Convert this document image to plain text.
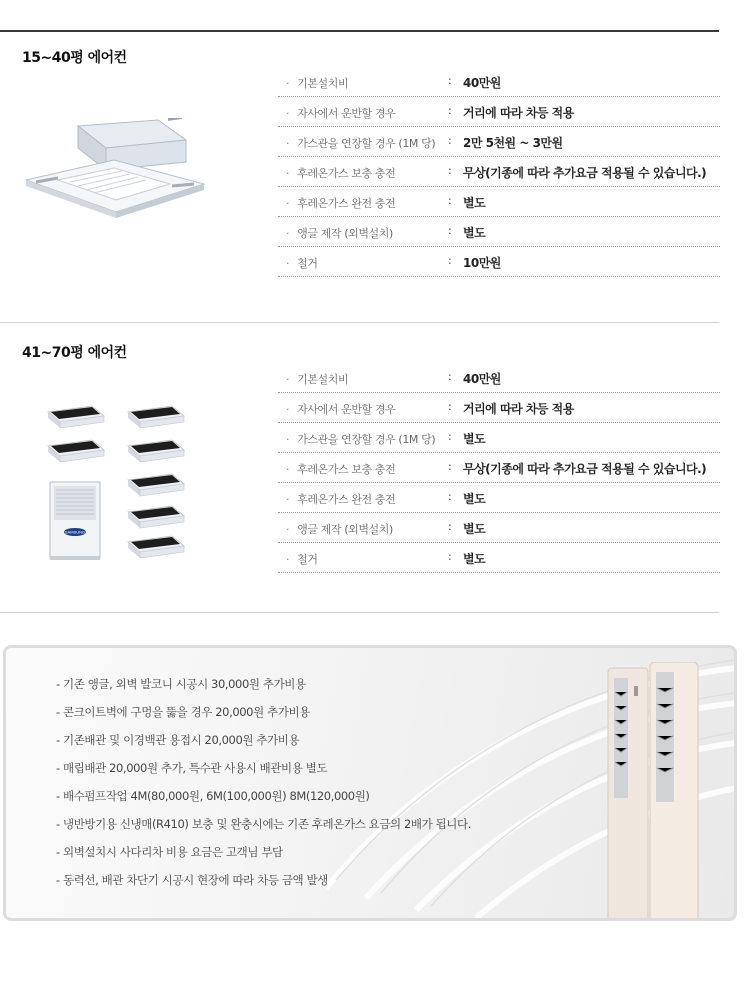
15~40평 에어컨
· 기본설치비	: 40만원
· 자사에서 운반할 경우	: 거리에 따라 차등 적용
· 가스관을 연장할 경우 (1M 당) : 2만 5천원 ~ 3만원
· 후레온가스 보충 충전	: 무상(기종에 따라 추가요금 적용될 수 있습니다.)
· 후레온가스 완전 충전	: 별도
· 앵글 제작 (외벽설치)	: 별도
· 철거	: 10만원
41~70평 에어컨
SAMSUNG
· 기본설치비	: 40만원
· 자사에서 운반할 경우	: 거리에 따라 차등 적용
· 가스관을 연장할 경우 (1M 당) : 별도
· 후레온가스 보충 충전	: 무상(기종에 따라 추가요금 적용될 수 있습니다.)
· 후레온가스 완전 충전	: 별도
· 앵글 제작 (외벽설치)	: 별도
· 철거	: 별도
- 기존 앵글, 외벽 발코니 시공시 30,000원 추가비용
- 콘크이트벽에 구멍을 뚫을 경우 20,000원 추가비용
- 기존배관 및 이경백관 용접시 20,000원 추가비용
- 매립배관 20,000원 추가, 특수관 사용시 배관비용 별도
- 배수펌프작업 4M(80,000원, 6M(100,000원) 8M(120,000원)
- 냉반방기용 신냉매(R410) 보충 및 완충시에는 기존 후레온가스 요금의 2배가 됩니다.
- 외벽설치시 사다리차 비용 요금은 고객님 부담
- 동력선, 배관 차단기 시공시 현장에 따라 차등 금액 발생
